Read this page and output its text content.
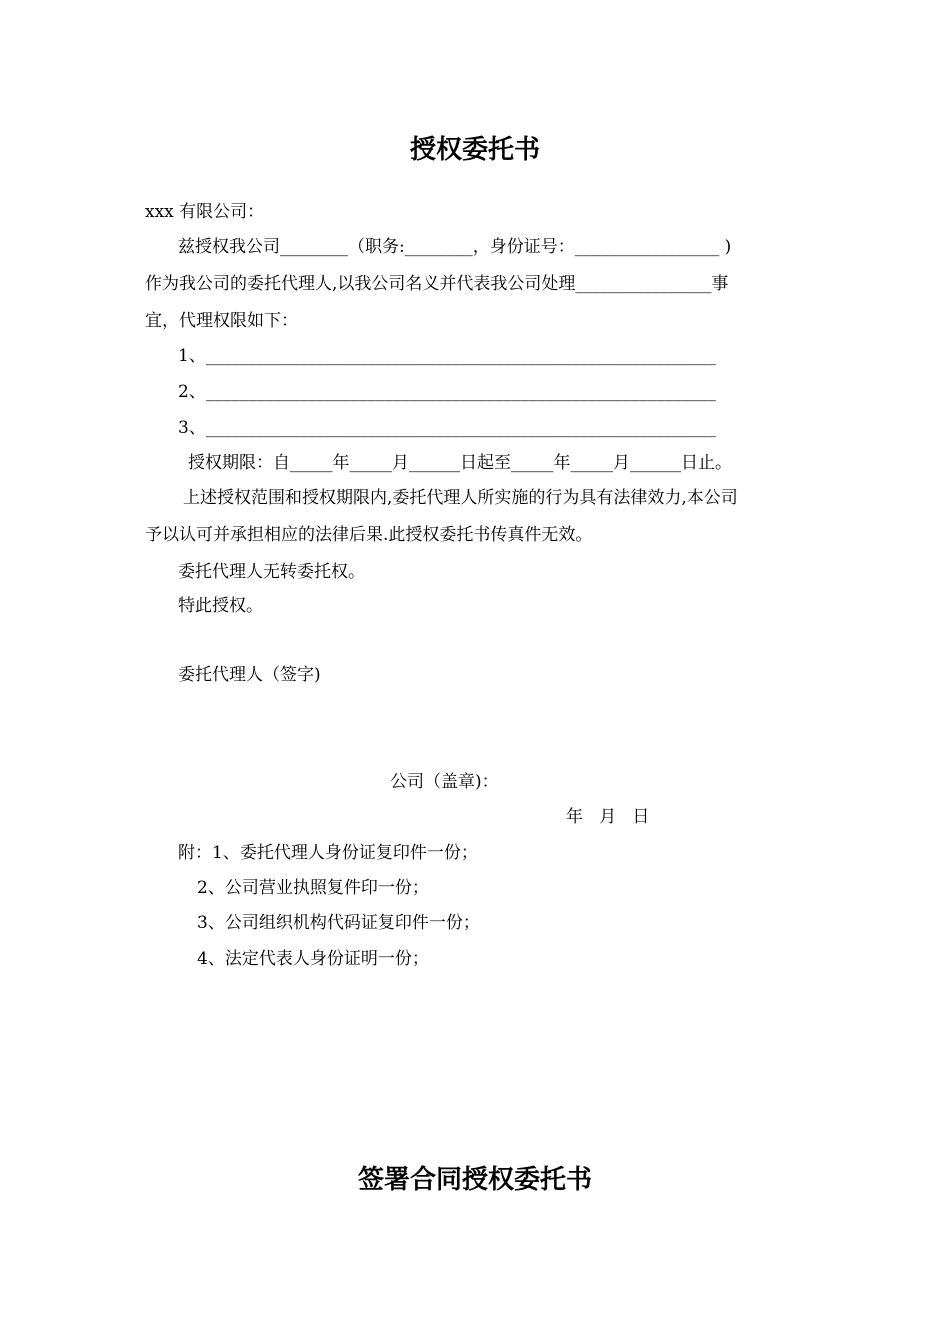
授权委托书
xxx 有限公司：
兹授权我公司________（职务:________，身份证号：_________________ )
作为我公司的委托代理人,以我公司名义并代表我公司处理________________事
宜，代理权限如下：
1、____________________________________________________________
2、____________________________________________________________
3、____________________________________________________________
授权期限：自_____年_____月______日起至_____年_____月______日止。
上述授权范围和授权期限内,委托代理人所实施的行为具有法律效力,本公司
予以认可并承担相应的法律后果.此授权委托书传真件无效。
委托代理人无转委托权。
特此授权。
委托代理人（签字)
公司（盖章)：
年   月   日
附：1、委托代理人身份证复印件一份；
2、公司营业执照复件印一份；
3、公司组织机构代码证复印件一份；
4、法定代表人身份证明一份；
签署合同授权委托书
